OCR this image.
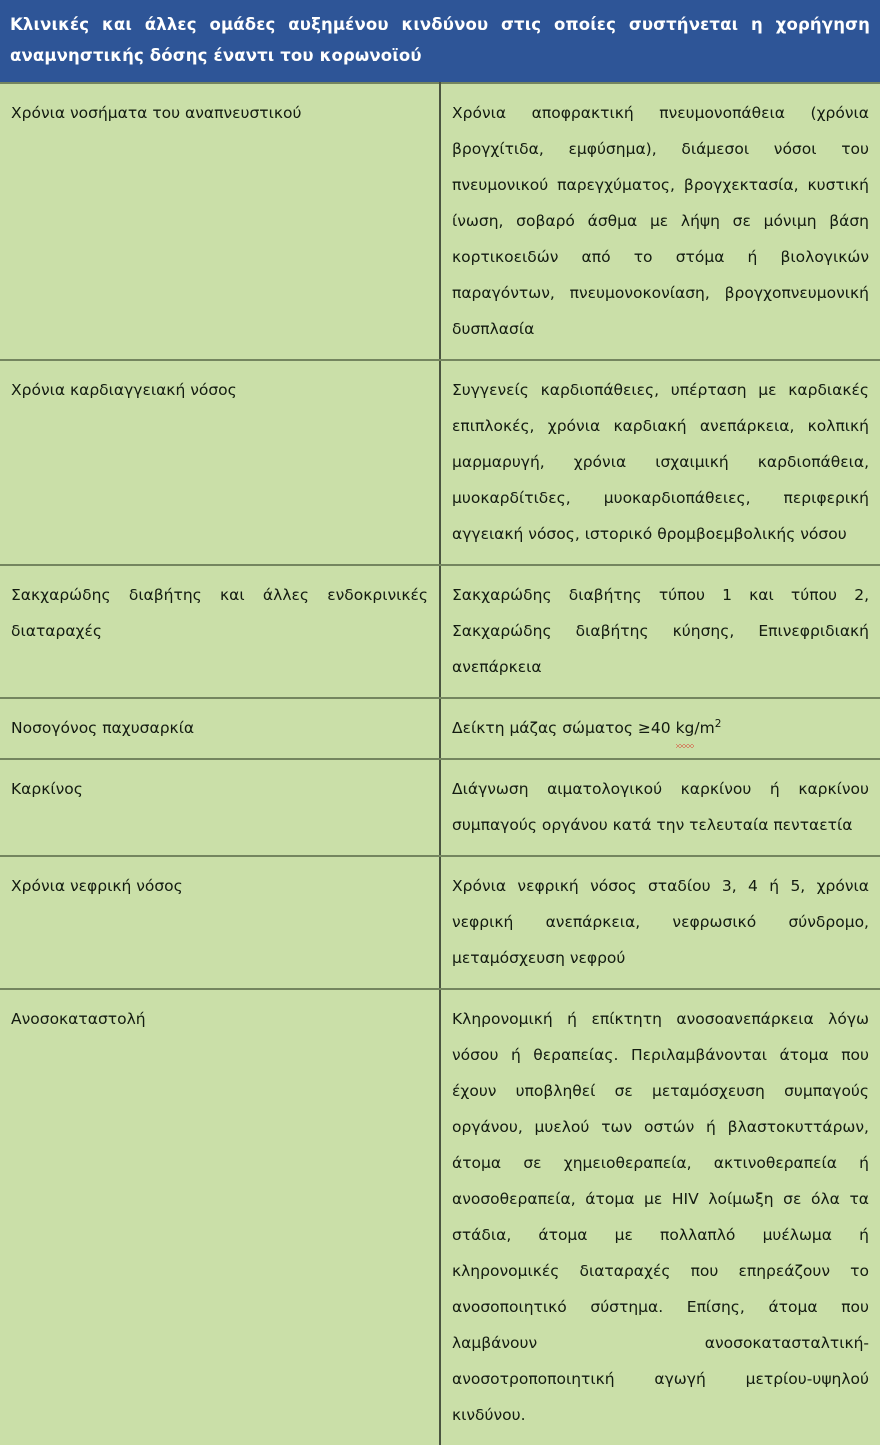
Κλινικές και άλλες ομάδες αυξημένου κινδύνου στις οποίες συστήνεται η χορήγηση
αναμνηστικής δόσης έναντι του κορωνοϊού	

Χρόνια νοσήματα του αναπνευστικού	Χρόνια αποφρακτική πνευμονοπάθεια (χρόνια βρογχίτιδα, εμφύσημα), διάμεσοι νόσοι του πνευμονικού παρεγχύματος, βρογχεκτασία, κυστική ίνωση, σοβαρό άσθμα με λήψη σε μόνιμη βάση κορτικοειδών από το στόμα ή βιολογικών παραγόντων, πνευμονοκονίαση, βρογχοπνευμονική δυσπλασία

Χρόνια καρδιαγγειακή νόσος	Συγγενείς καρδιοπάθειες, υπέρταση με καρδιακές επιπλοκές, χρόνια καρδιακή ανεπάρκεια, κολπική μαρμαρυγή, χρόνια ισχαιμική καρδιοπάθεια, μυοκαρδίτιδες, μυοκαρδιοπάθειες, περιφερική αγγειακή νόσος, ιστορικό θρομβοεμβολικής νόσου

Σακχαρώδης διαβήτης και άλλες ενδοκρινικές διαταραχές	Σακχαρώδης διαβήτης τύπου 1 και τύπου 2, Σακχαρώδης διαβήτης κύησης, Επινεφριδιακή ανεπάρκεια

Νοσογόνος παχυσαρκία	Δείκτη μάζας σώματος ≥40 $kg/m^2$

Καρκίνος	Διάγνωση αιματολογικού καρκίνου ή καρκίνου συμπαγούς οργάνου κατά την τελευταία πενταετία

Χρόνια νεφρική νόσος	Χρόνια νεφρική νόσος σταδίου 3, 4 ή 5, χρόνια νεφρική ανεπάρκεια, νεφρωσικό σύνδρομο, μεταμόσχευση νεφρού

Ανοσοκαταστολή	Κληρονομική ή επίκτητη ανοσοανεπάρκεια λόγω νόσου ή θεραπείας. Περιλαμβάνονται άτομα που έχουν υποβληθεί σε μεταμόσχευση συμπαγούς οργάνου, μυελού των οστών ή βλαστοκυττάρων, άτομα σε χημειοθεραπεία, ακτινοθεραπεία ή ανοσοθεραπεία, άτομα με HIV λοίμωξη σε όλα τα στάδια, άτομα με πολλαπλό μυέλωμα ή κληρονομικές διαταραχές που επηρεάζουν το ανοσοποιητικό σύστημα. Επίσης, άτομα που λαμβάνουν ανοσοκατασταλτική- ανοσοτροποποιητική αγωγή μετρίου-υψηλού κινδύνου.
